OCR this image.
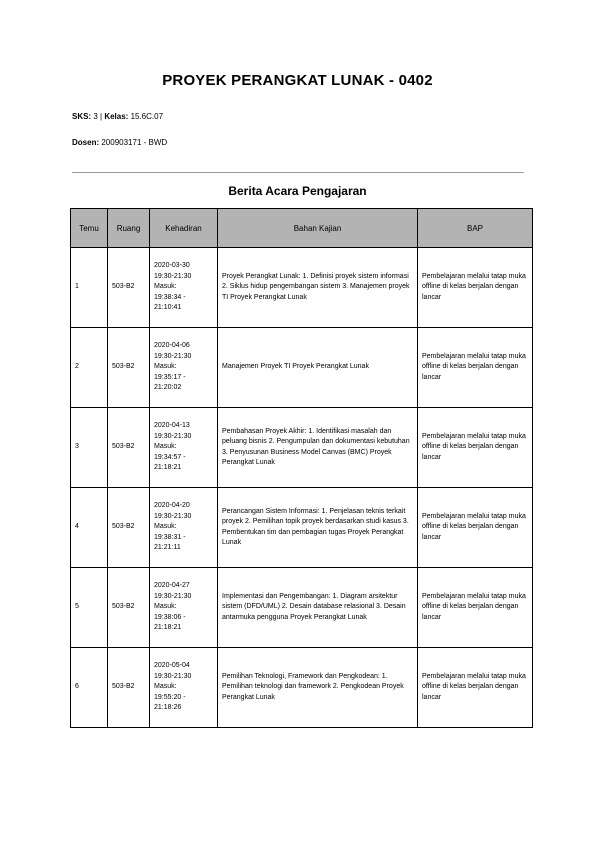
PROYEK PERANGKAT LUNAK - 0402
SKS: 3 | Kelas: 15.6C.07
Dosen: 200903171 - BWD
Berita Acara Pengajaran
Temu	Ruang	Kehadiran	Bahan Kajian	BAP
1	503-B2	2020-03-30
19:30-21:30
Masuk:
19:38:34 -
21:10:41	Proyek Perangkat Lunak: 1. Definisi proyek sistem informasi 2. Siklus hidup pengembangan sistem 3. Manajemen proyek TI Proyek Perangkat Lunak	Pembelajaran melalui tatap muka offline di kelas berjalan dengan lancar
2	503-B2	2020-04-06
19:30-21:30
Masuk:
19:35:17 -
21:20:02	Manajemen Proyek TI Proyek Perangkat Lunak	Pembelajaran melalui tatap muka offline di kelas berjalan dengan lancar
3	503-B2	2020-04-13
19:30-21:30
Masuk:
19:34:57 -
21:18:21	Pembahasan Proyek Akhir: 1. Identifikasi masalah dan peluang bisnis 2. Pengumpulan dan dokumentasi kebutuhan 3. Penyusunan Business Model Canvas (BMC) Proyek Perangkat Lunak	Pembelajaran melalui tatap muka offline di kelas berjalan dengan lancar
4	503-B2	2020-04-20
19:30-21:30
Masuk:
19:38:31 -
21:21:11	Perancangan Sistem Informasi: 1. Penjelasan teknis terkait proyek 2. Pemilihan topik proyek berdasarkan studi kasus 3. Pembentukan tim dan pembagian tugas Proyek Perangkat Lunak	Pembelajaran melalui tatap muka offline di kelas berjalan dengan lancar
5	503-B2	2020-04-27
19:30-21:30
Masuk:
19:38:06 -
21:18:21	Implementasi dan Pengembangan: 1. Diagram arsitektur sistem (DFD/UML) 2. Desain database relasional 3. Desain antarmuka pengguna Proyek Perangkat Lunak	Pembelajaran melalui tatap muka offline di kelas berjalan dengan lancar
6	503-B2	2020-05-04
19:30-21:30
Masuk:
19:55:20 -
21:18:26	Pemilihan Teknologi, Framework dan Pengkodean: 1. Pemilihan teknologi dan framework 2. Pengkodean Proyek Perangkat Lunak	Pembelajaran melalui tatap muka offline di kelas berjalan dengan lancar
